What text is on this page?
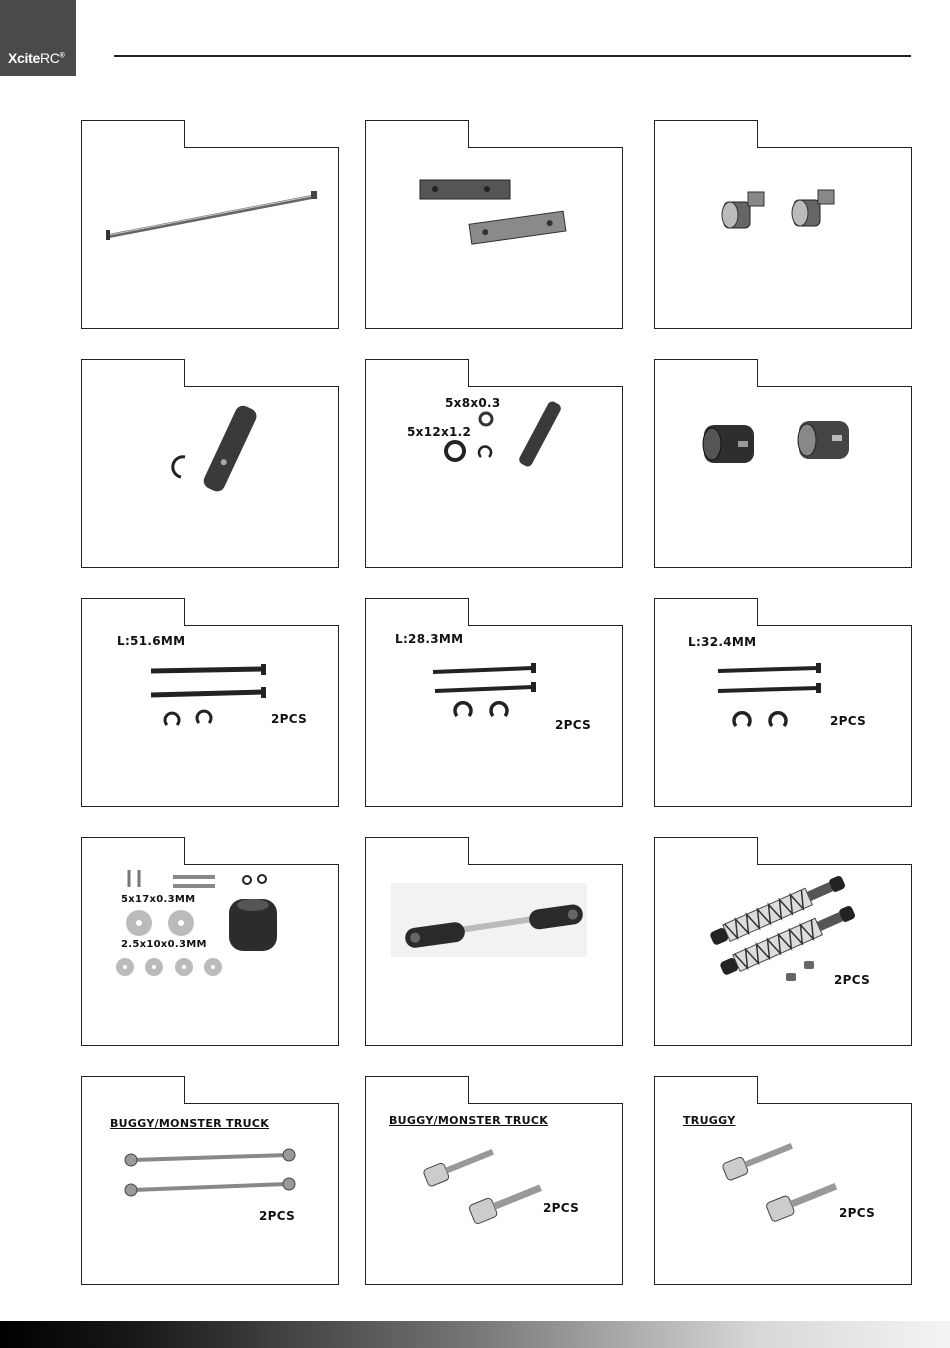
XciteRC®
5x8x0.3
5x12x1.2
L:51.6MM
2PCS
L:28.3MM
2PCS
L:32.4MM
2PCS
5x17x0.3MM
2.5x10x0.3MM
2PCS
BUGGY/MONSTER TRUCK
2PCS
BUGGY/MONSTER TRUCK
2PCS
TRUGGY
2PCS
